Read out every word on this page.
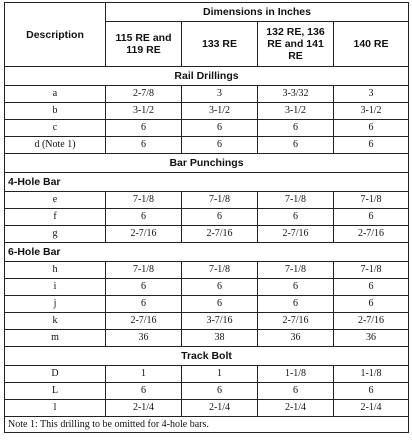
Description	Dimensions in Inches			
	115 RE and 119 RE	133 RE	132 RE, 136 RE and 141 RE	140 RE
Rail Drillings				
a	2-7/8	3	3-3/32	3
b	3-1/2	3-1/2	3-1/2	3-1/2
c	6	6	6	6
d (Note 1)	6	6	6	6
Bar Punchings				
4-Hole Bar				
e	7-1/8	7-1/8	7-1/8	7-1/8
f	6	6	6	6
g	2-7/16	2-7/16	2-7/16	2-7/16
6-Hole Bar				
h	7-1/8	7-1/8	7-1/8	7-1/8
i	6	6	6	6
j	6	6	6	6
k	2-7/16	3-7/16	2-7/16	2-7/16
m	36	38	36	36
Track Bolt				
D	1	1	1-1/8	1-1/8
L	6	6	6	6
l	2-1/4	2-1/4	2-1/4	2-1/4
Note 1: This drilling to be omitted for 4-hole bars.				
